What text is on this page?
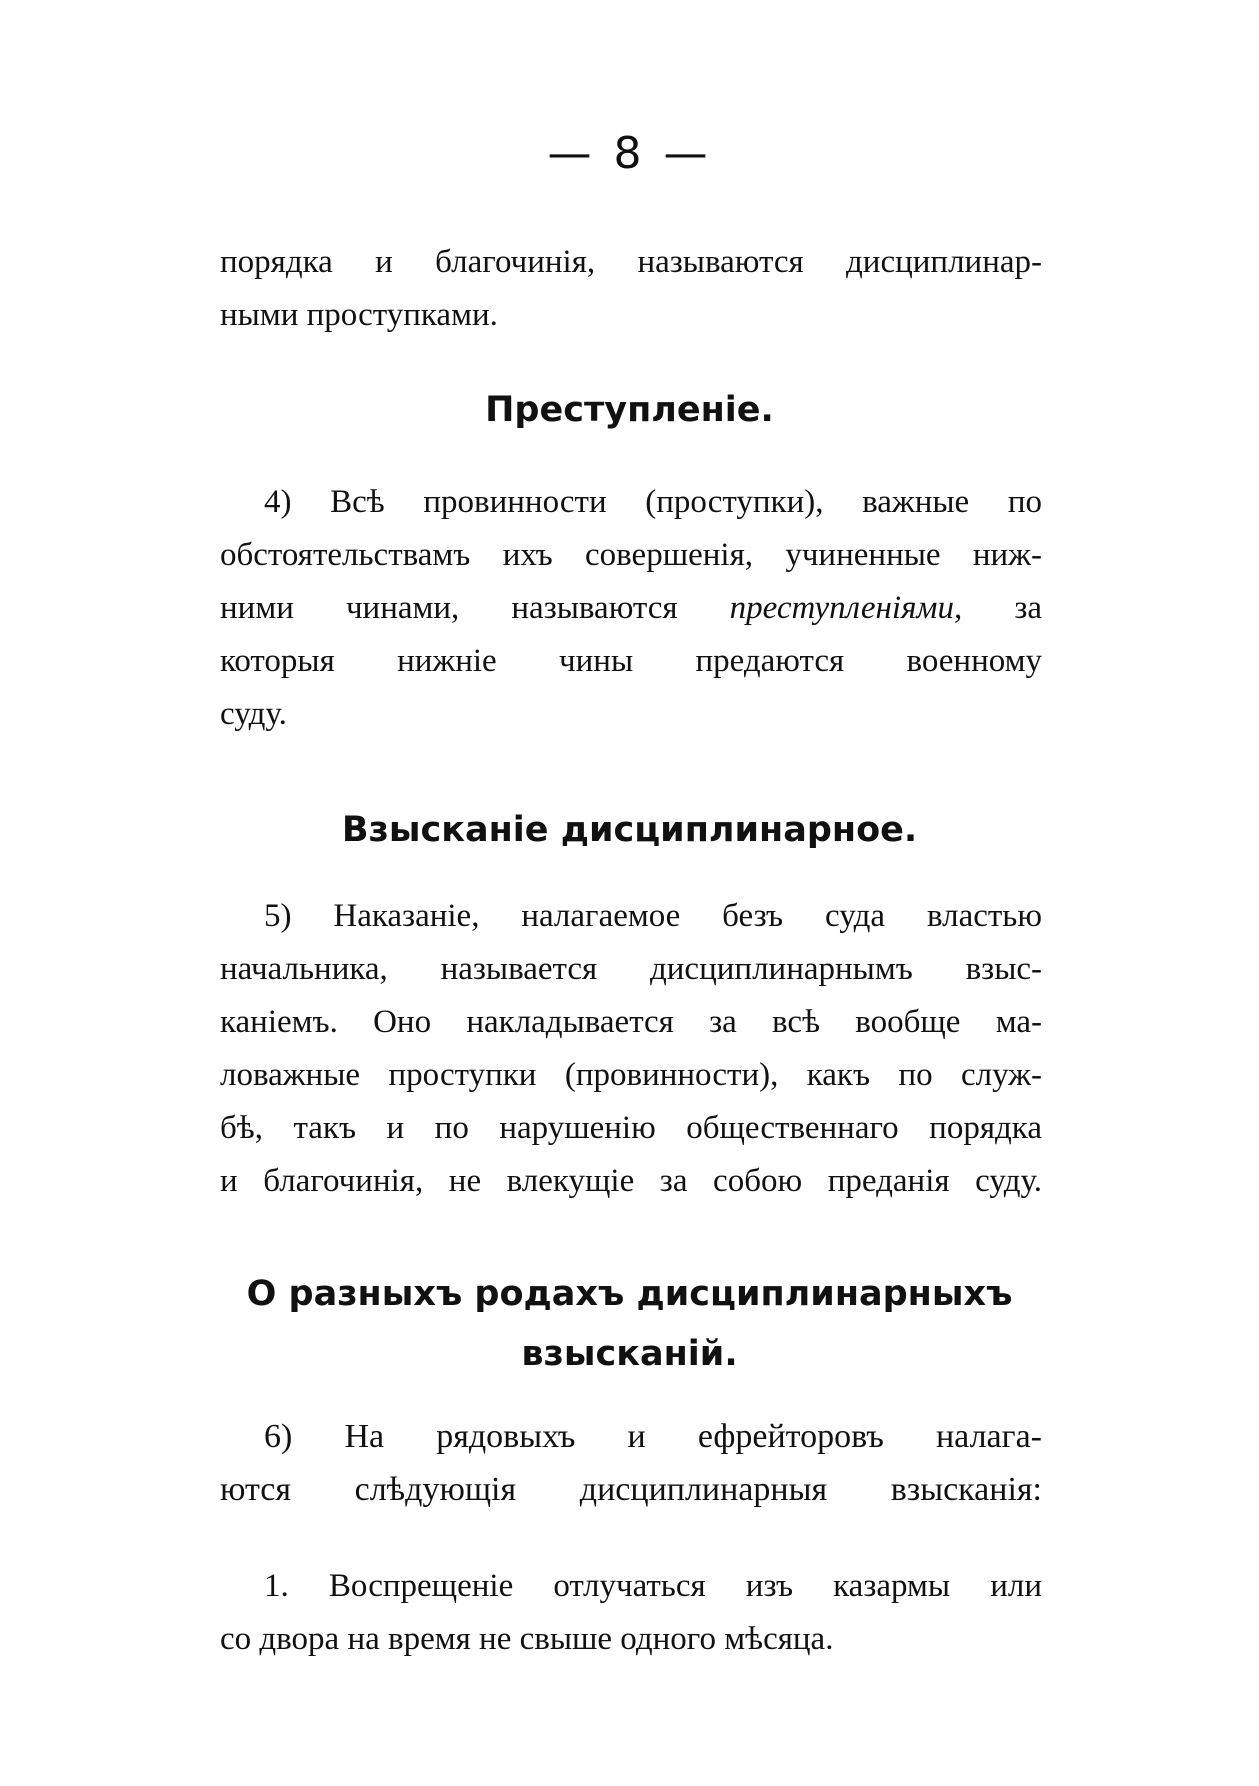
— 8 —
порядка и благочинія, называются дисциплинар-
ными проступками.
Преступленіе.
4) Всѣ провинности (проступки), важные по
обстоятельствамъ ихъ совершенія, учиненные ниж-
ними чинами, называются преступленіями, за
которыя нижніе чины предаются военному
суду.
Взысканіе дисциплинарное.
5) Наказаніе, налагаемое безъ суда властью
начальника, называется дисциплинарнымъ взыс-
каніемъ. Оно накладывается за всѣ вообще ма-
ловажные проступки (провинности), какъ по служ-
бѣ, такъ и по нарушенію общественнаго порядка
и благочинія, не влекущіе за собою преданія суду.
О разныхъ родахъ дисциплинарныхъ
взысканій.
6) На рядовыхъ и ефрейторовъ налага-
ются слѣдующія дисциплинарныя взысканія:
1. Воспрещеніе отлучаться изъ казармы или
со двора на время не свыше одного мѣсяца.
